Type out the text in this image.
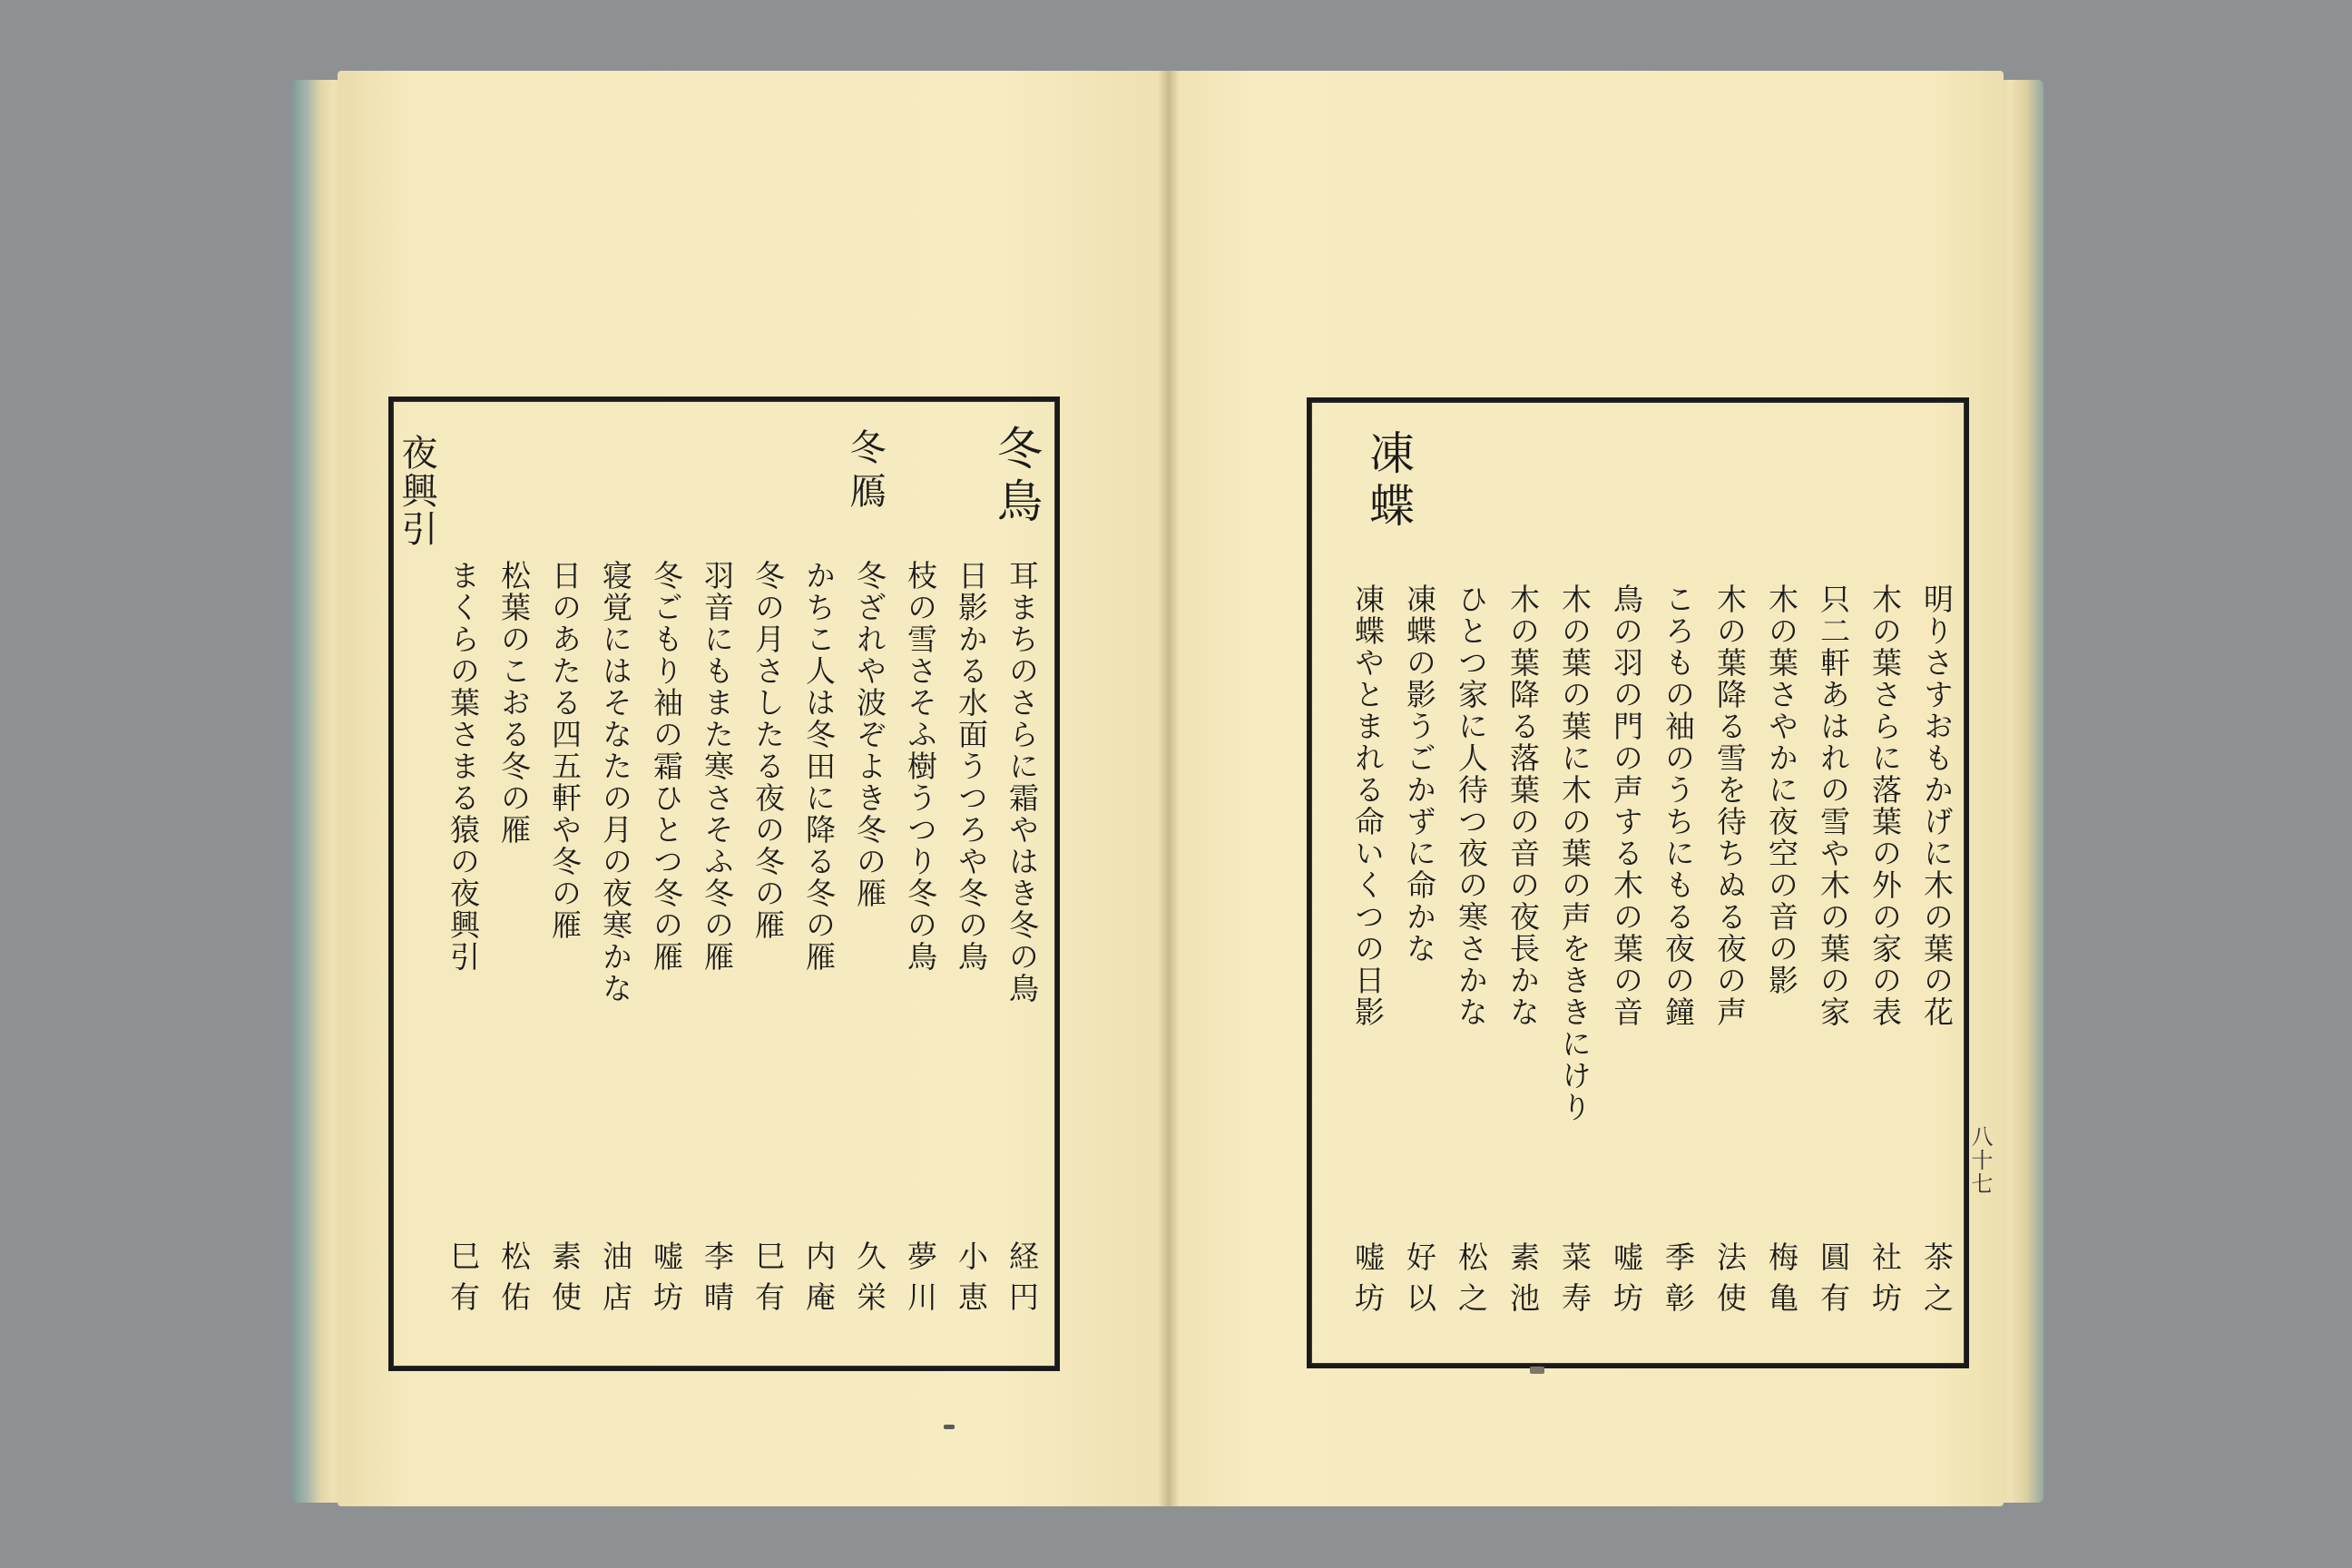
冬鳥
冬鴈
夜興引
耳まちのさらに霜やはき冬の鳥
経円
日影かる水面うつろや冬の鳥
小恵
枝の雪さそふ樹うつり冬の鳥
夢川
冬ざれや波ぞよき冬の雁
久栄
かちこ人は冬田に降る冬の雁
内庵
冬の月さしたる夜の冬の雁
巳有
羽音にもまた寒さそふ冬の雁
李晴
冬ごもり袖の霜ひとつ冬の雁
嘘坊
寝覚にはそなたの月の夜寒かな
油店
日のあたる四五軒や冬の雁
素使
松葉のこおる冬の雁
松佑
まくらの葉さまる猿の夜興引
巳有
凍蝶
明りさすおもかげに木の葉の花
茶之
木の葉さらに落葉の外の家の表
社坊
只二軒あはれの雪や木の葉の家
圓有
木の葉さやかに夜空の音の影
梅亀
木の葉降る雪を待ちぬる夜の声
法使
ころもの袖のうちにもる夜の鐘
季彰
鳥の羽の門の声する木の葉の音
嘘坊
木の葉の葉に木の葉の声をききにけり
菜寿
木の葉降る落葉の音の夜長かな
素池
ひとつ家に人待つ夜の寒さかな
松之
凍蝶の影うごかずに命かな
好以
凍蝶やとまれる命いくつの日影
嘘坊
八十七
